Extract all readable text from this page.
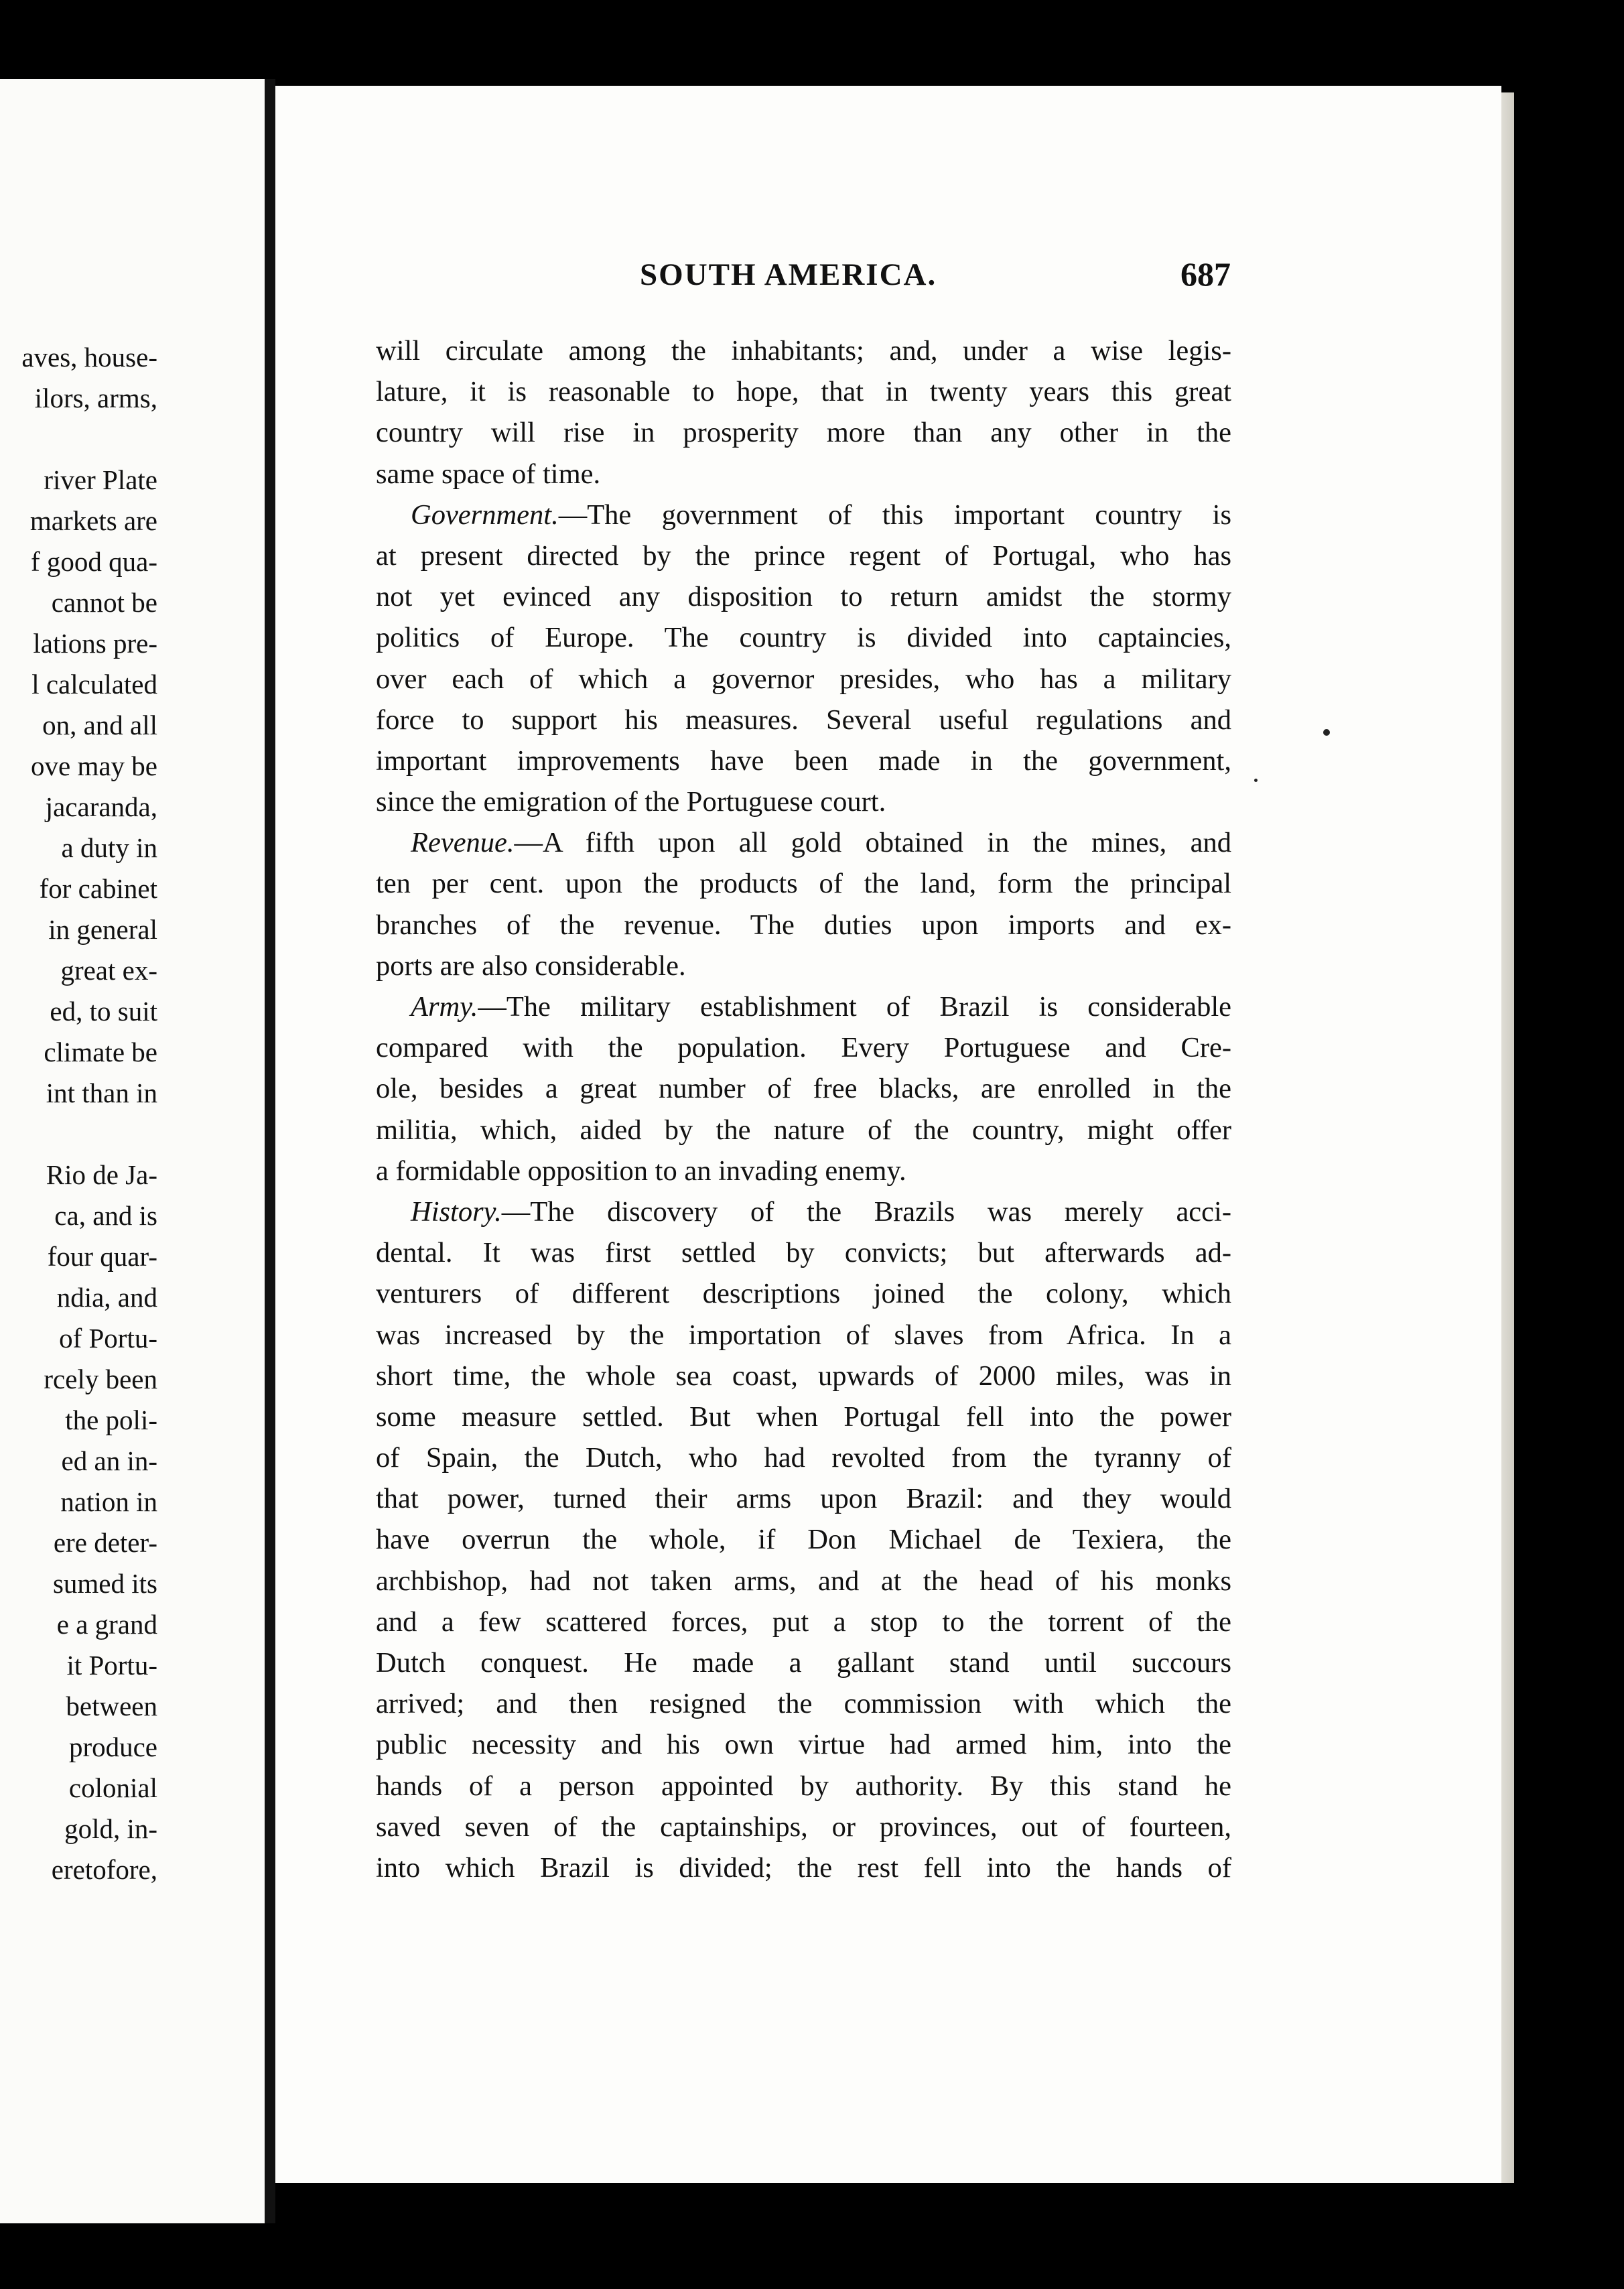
aves, house-
ilors, arms,
river Plate
markets are
f good qua-
cannot be
lations pre-
l calculated
on, and all
ove may be
jacaranda,
a duty in
for cabinet
in general
great ex-
ed, to suit
climate be
int than in
Rio de Ja-
ca, and is
four quar-
ndia, and
of Portu-
rcely been
the poli-
ed an in-
nation in
ere deter-
sumed its
e a grand
it Portu-
between
produce
colonial
gold, in-
eretofore,
SOUTH AMERICA.	687
will circulate among the inhabitants; and, under a wise legis-
lature, it is reasonable to hope, that in twenty years this great
country will rise in prosperity more than any other in the
same space of time.
Government.—The government of this important country is
at present directed by the prince regent of Portugal, who has
not yet evinced any disposition to return amidst the stormy
politics of Europe. The country is divided into captaincies,
over each of which a governor presides, who has a military
force to support his measures. Several useful regulations and
important improvements have been made in the government,
since the emigration of the Portuguese court.
Revenue.—A fifth upon all gold obtained in the mines, and
ten per cent. upon the products of the land, form the principal
branches of the revenue. The duties upon imports and ex-
ports are also considerable.
Army.—The military establishment of Brazil is considerable
compared with the population. Every Portuguese and Cre-
ole, besides a great number of free blacks, are enrolled in the
militia, which, aided by the nature of the country, might offer
a formidable opposition to an invading enemy.
History.—The discovery of the Brazils was merely acci-
dental. It was first settled by convicts; but afterwards ad-
venturers of different descriptions joined the colony, which
was increased by the importation of slaves from Africa. In a
short time, the whole sea coast, upwards of 2000 miles, was in
some measure settled. But when Portugal fell into the power
of Spain, the Dutch, who had revolted from the tyranny of
that power, turned their arms upon Brazil: and they would
have overrun the whole, if Don Michael de Texiera, the
archbishop, had not taken arms, and at the head of his monks
and a few scattered forces, put a stop to the torrent of the
Dutch conquest. He made a gallant stand until succours
arrived; and then resigned the commission with which the
public necessity and his own virtue had armed him, into the
hands of a person appointed by authority. By this stand he
saved seven of the captainships, or provinces, out of fourteen,
into which Brazil is divided; the rest fell into the hands of
